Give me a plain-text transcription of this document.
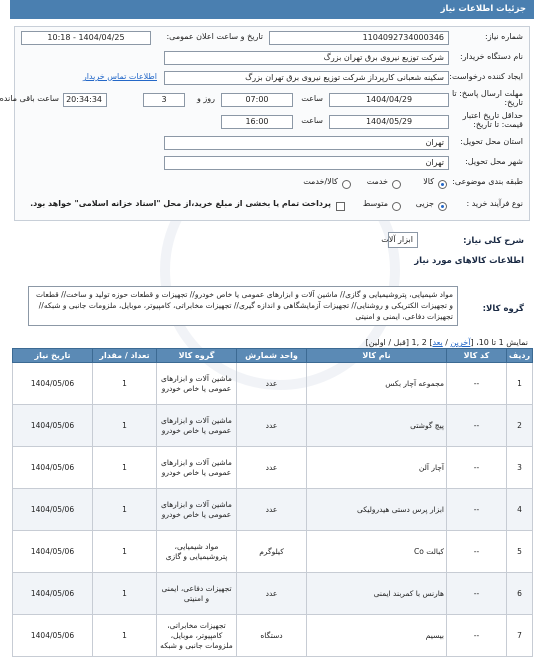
جزئیات اطلاعات نیاز
شماره نیاز:
1104092734000346
تاریخ و ساعت اعلان عمومی:
1404/04/25 - 10:18
نام دستگاه خریدار:
شرکت توزیع نیروی برق تهران بزرگ
ایجاد کننده درخواست:
سکینه شعبانی کارپرداز شرکت توزیع نیروی برق تهران بزرگ
اطلاعات تماس خریدار
مهلت ارسال پاسخ: تا تاریخ:
1404/04/29
ساعت
07:00
3	روز و
20:34:34
ساعت باقی مانده
حداقل تاریخ اعتبار قیمت: تا تاریخ:
1404/05/29
ساعت
16:00
استان محل تحویل:
تهران
شهر محل تحویل:
تهران
طبقه بندی موضوعی:
کالا
خدمت
کالا/خدمت
نوع فرآیند خرید :
جزیی
متوسط
پرداخت تمام یا بخشی از مبلغ خرید،از محل "اسناد خزانه اسلامی" خواهد بود.
شرح کلی نیاز:
ابزار آلات
اطلاعات کالاهای مورد نیاز
گروه کالا:
مواد شیمیایی، پتروشیمیایی و گازی// ماشین آلات و ابزارهای عمومی یا خاص خودرو// تجهیزات و قطعات حوزه تولید و ساخت// قطعات و تجهیزات الکتریکی و روشنایی// تجهیزات آزمایشگاهی و اندازه گیری// تجهیزات مخابراتی، کامپیوتر، موبایل، ملزومات جانبی و شبکه// تجهیزات دفاعی، ایمنی و امنیتی
نمایش 1 تا 10، [آخرین / بعد] 2 ,1 [قبل / اولین]
ردیف	کد کالا	نام کالا	واحد شمارش	گروه کالا	تعداد / مقدار	تاریخ نیاز
1	--	مجموعه آچار بکس	عدد	ماشین آلات و ابزارهای عمومی یا خاص خودرو	1	1404/05/06
2	--	پیچ گوشتی	عدد	ماشین آلات و ابزارهای عمومی یا خاص خودرو	1	1404/05/06
3	--	آچار آلن	عدد	ماشین آلات و ابزارهای عمومی یا خاص خودرو	1	1404/05/06
4	--	ابزار پرس دستی هیدرولیکی	عدد	ماشین آلات و ابزارهای عمومی یا خاص خودرو	1	1404/05/06
5	--	کبالت Co	کیلوگرم	مواد شیمیایی، پتروشیمیایی و گازی	1	1404/05/06
6	--	هارنس با کمربند ایمنی	عدد	تجهیزات دفاعی، ایمنی و امنیتی	1	1404/05/06
7	--	بیسیم	دستگاه	تجهیزات مخابراتی، کامپیوتر، موبایل، ملزومات جانبی و شبکه	1	1404/05/06
